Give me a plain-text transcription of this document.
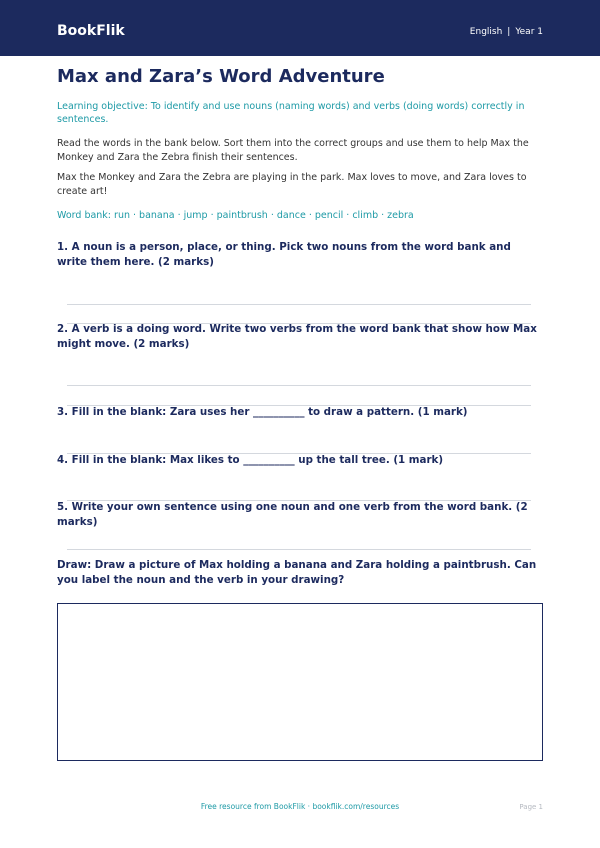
BookFlik	English | Year 1
Max and Zara’s Word Adventure
Learning objective: To identify and use nouns (naming words) and verbs (doing words) correctly in sentences.
Read the words in the bank below. Sort them into the correct groups and use them to help Max the Monkey and Zara the Zebra finish their sentences.
Max the Monkey and Zara the Zebra are playing in the park. Max loves to move, and Zara loves to create art!
Word bank: run · banana · jump · paintbrush · dance · pencil · climb · zebra
1. A noun is a person, place, or thing. Pick two nouns from the word bank and write them here. (2 marks)
2. A verb is a doing word. Write two verbs from the word bank that show how Max might move. (2 marks)
3. Fill in the blank: Zara uses her __________ to draw a pattern. (1 mark)
4. Fill in the blank: Max likes to __________ up the tall tree. (1 mark)
5. Write your own sentence using one noun and one verb from the word bank. (2 marks)
Draw: Draw a picture of Max holding a banana and Zara holding a paintbrush. Can you label the noun and the verb in your drawing?
Free resource from BookFlik · bookflik.com/resources	Page 1
